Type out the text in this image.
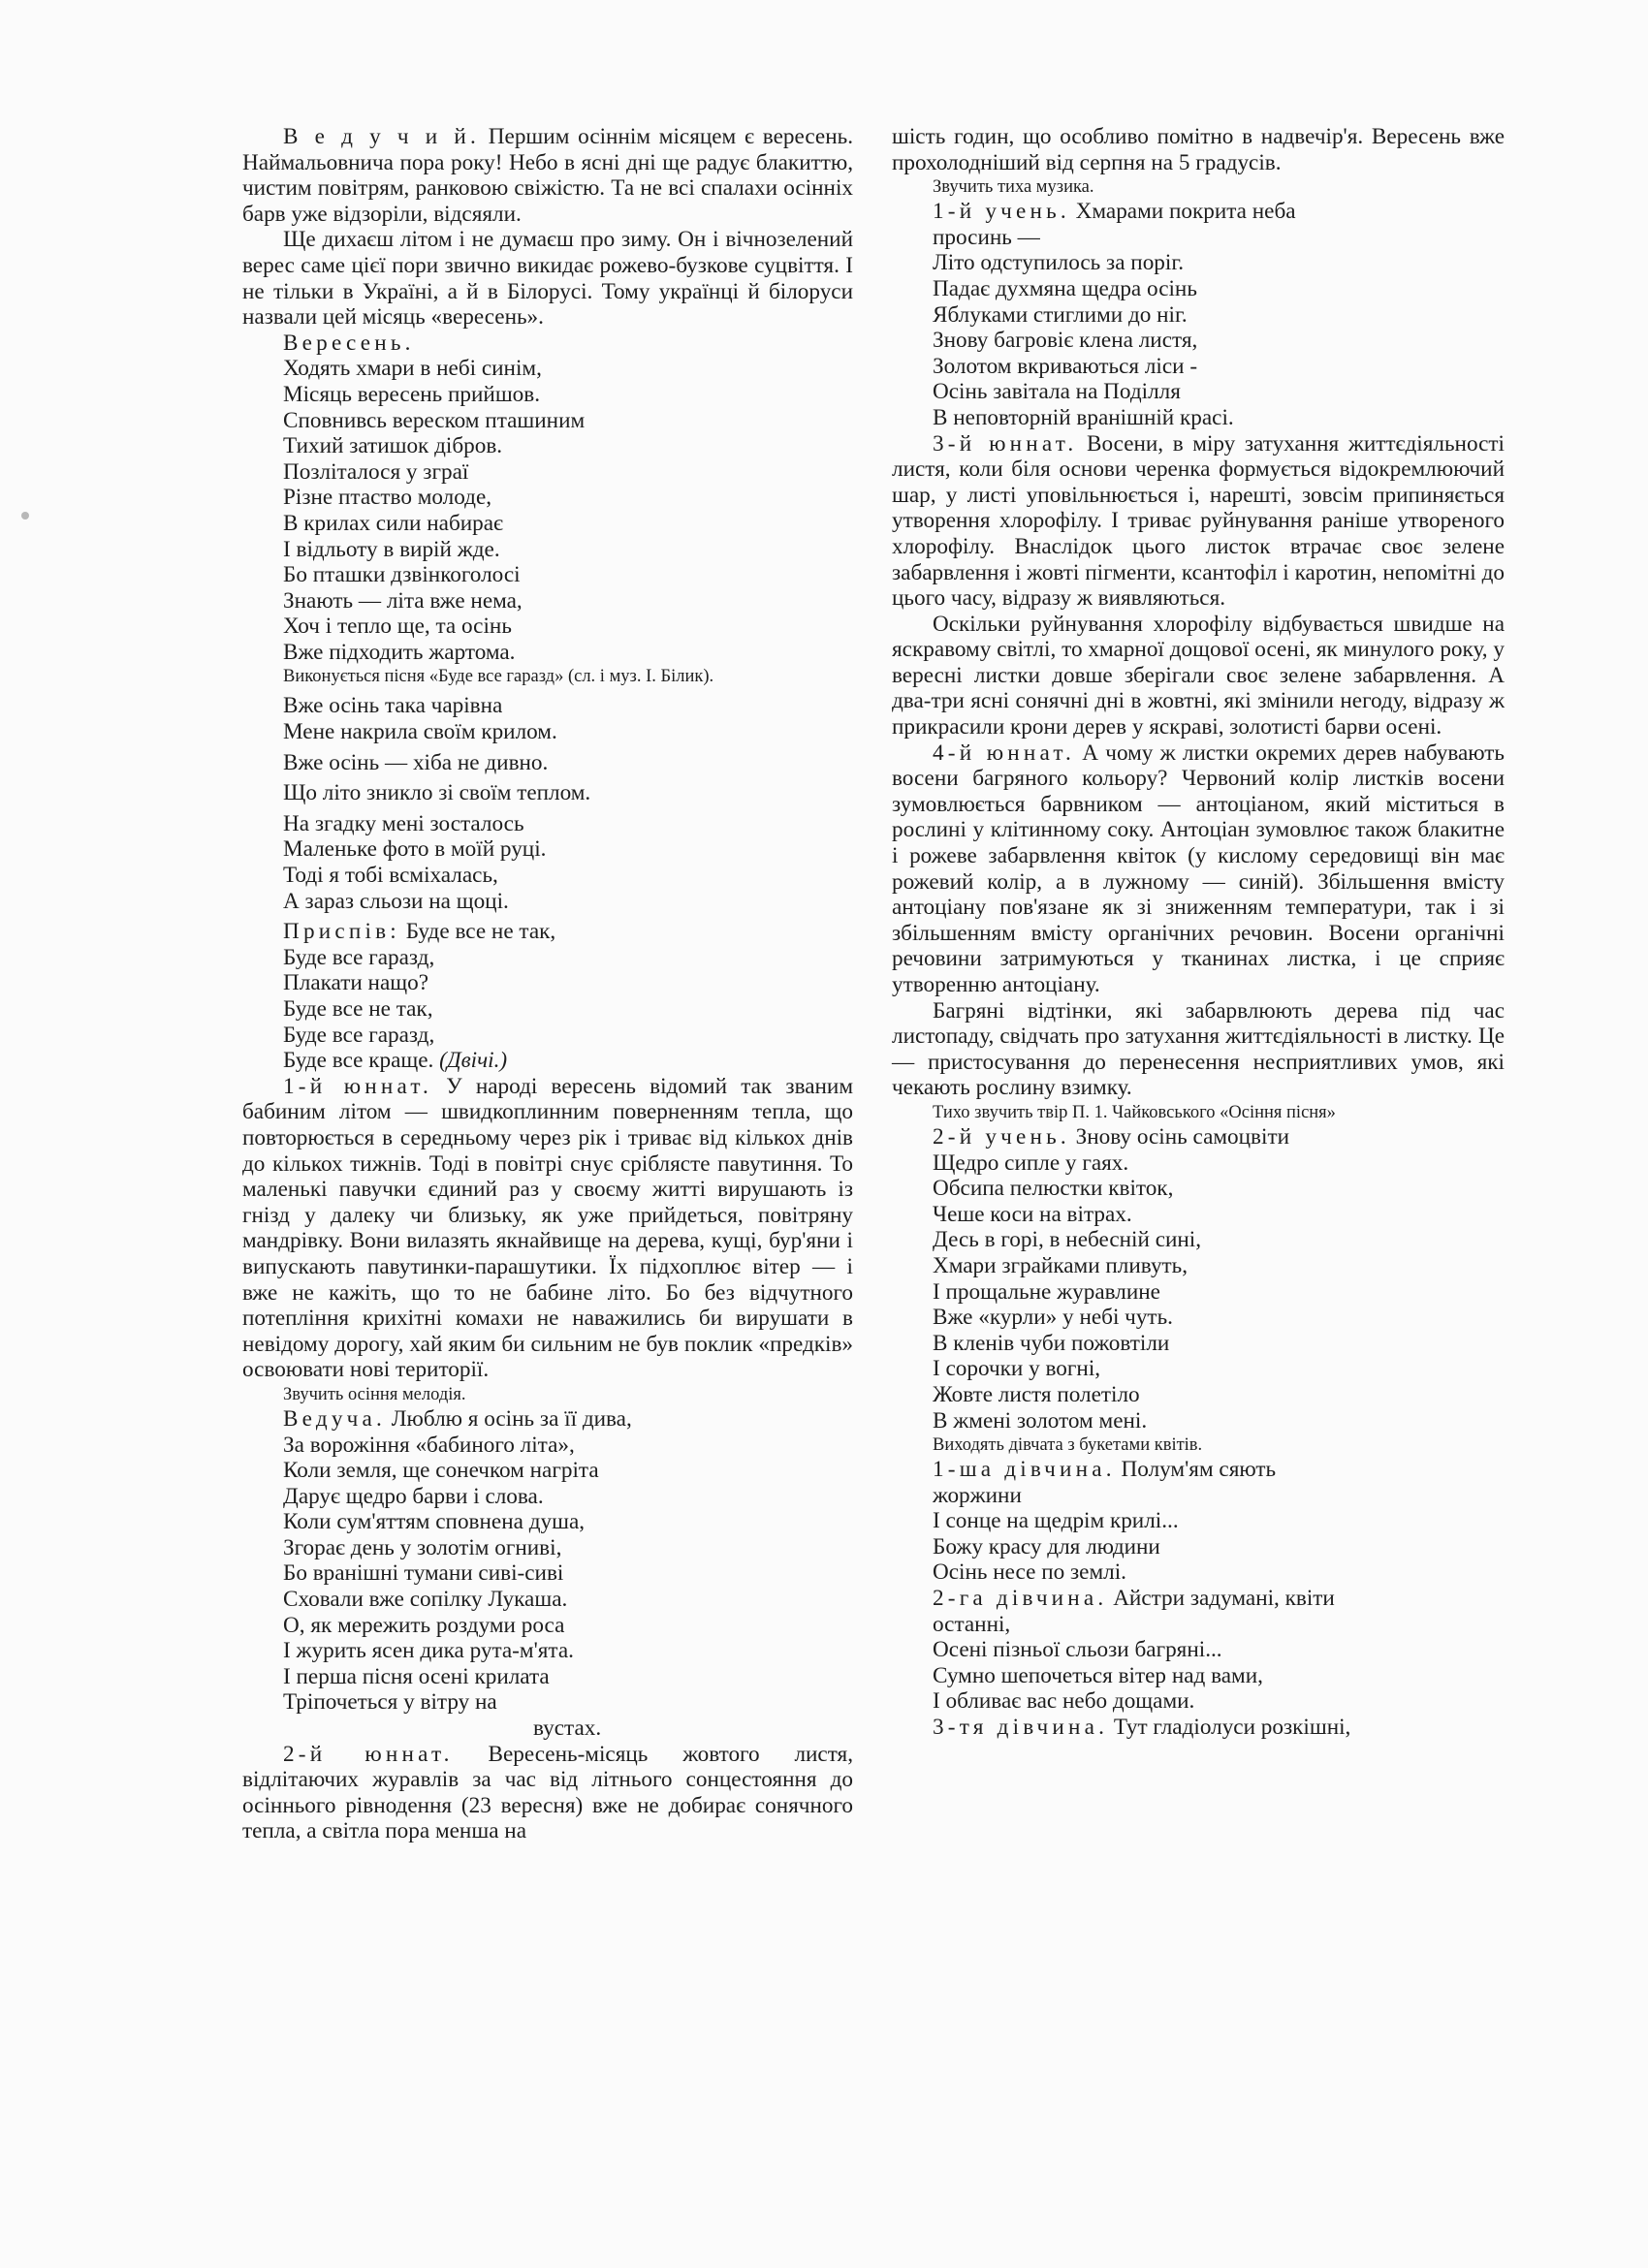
В е д у ч и й. Першим осіннім місяцем є вересень. Наймальовнича пора року! Небо в ясні дні ще радує блакиттю, чистим повітрям, ранковою свіжістю. Та не всі спалахи осінніх барв уже відзоріли, відсяяли.

Ще дихаєш літом і не думаєш про зиму. Он і вічнозелений верес саме цієї пори звично викидає рожево-бузкове суцвіття. І не тільки в Україні, а й в Білорусі. Тому українці й білоруси назвали цей місяць «вересень».

Вересень.
Ходять хмари в небі синім,
Місяць вересень прийшов.
Сповнивсь вереском пташиним
Тихий затишок дібров.
Позліталося у зграї
Різне птаство молоде,
В крилах сили набирає
І відльоту в вирій жде.
Бо пташки дзвінкоголосі
Знають — літа вже нема,
Хоч і тепло ще, та осінь
Вже підходить жартома.

Виконується пісня «Буде все гаразд» (сл. і муз. І. Білик).

Вже осінь така чарівна
Мене накрила своїм крилом.
Вже осінь — хіба не дивно.
Що літо зникло зі своїм теплом.
На згадку мені зосталось
Маленьке фото в моїй руці.
Тоді я тобі всміхалась,
А зараз сльози на щоці.
Приспів: Буде все не так,
Буде все гаразд,
Плакати нащо?
Буде все не так,
Буде все гаразд,
Буде все краще. (Двічі.)

1-й юннат. У народі вересень відомий так званим бабиним літом — швидкоплинним поверненням тепла, що повторюється в середньому через рік і триває від кількох днів до кількох тижнів. Тоді в повітрі снує сріблясте павутиння. То маленькі павучки єдиний раз у своєму житті вирушають із гнізд у далеку чи близьку, як уже прийдеться, повітряну мандрівку. Вони вилазять якнайвище на дерева, кущі, бур'яни і випускають павутинки-парашутики. Їх підхоплює вітер — і вже не кажіть, що то не бабине літо. Бо без відчутного потепління крихітні комахи не наважились би вирушати в невідому дорогу, хай яким би сильним не був поклик «предків» освоювати нові території.

Звучить осіння мелодія.

Ведуча. Люблю я осінь за її дива,
За ворожіння «бабиного літа»,
Коли земля, ще сонечком нагріта
Дарує щедро барви і слова.
Коли сум'яттям сповнена душа,
Згорає день у золотім огниві,
Бо вранішні тумани сиві-сиві
Сховали вже сопілку Лукаша.
О, як мережить роздуми роса
І журить ясен дика рута-м'ята.
І перша пісня осені крилата
Тріпочеться у вітру на
вустах.

2-й юннат. Вересень-місяць жовтого листя, відлітаючих журавлів за час від літнього сонцестояння до осіннього рівнодення (23 вересня) вже не добирає сонячного тепла, а світла пора менша на

шість годин, що особливо помітно в надвечір'я. Вересень вже прохолодніший від серпня на 5 градусів.

Звучить тиха музика.

1-й учень. Хмарами покрита неба
просинь —
Літо одступилось за поріг.
Падає духмяна щедра осінь
Яблуками стиглими до ніг.
Знову багровіє клена листя,
Золотом вкриваються ліси -
Осінь завітала на Поділля
В неповторній вранішній красі.

3-й юннат. Восени, в міру затухання життєдіяльності листя, коли біля основи черенка формується відокремлюючий шар, у листі уповільнюється і, нарешті, зовсім припиняється утворення хлорофілу. І триває руйнування раніше утвореного хлорофілу. Внаслідок цього листок втрачає своє зелене забарвлення і жовті пігменти, ксантофіл і каротин, непомітні до цього часу, відразу ж виявляються.

Оскільки руйнування хлорофілу відбувається швидше на яскравому світлі, то хмарної дощової осені, як минулого року, у вересні листки довше зберігали своє зелене забарвлення. А два-три ясні сонячні дні в жовтні, які змінили негоду, відразу ж прикрасили крони дерев у яскраві, золотисті барви осені.

4-й юннат. А чому ж листки окремих дерев набувають восени багряного кольору? Червоний колір листків восени зумовлюється барвником — антоціаном, який міститься в рослині у клітинному соку. Антоціан зумовлює також блакитне і рожеве забарвлення квіток (у кислому середовищі він має рожевий колір, а в лужному — синій). Збільшення вмісту антоціану пов'язане як зі зниженням температури, так і зі збільшенням вмісту органічних речовин. Восени органічні речовини затримуються у тканинах листка, і це сприяє утворенню антоціану.

Багряні відтінки, які забарвлюють дерева під час листопаду, свідчать про затухання життєдіяльності в листку. Це — пристосування до перенесення несприятливих умов, які чекають рослину взимку.

Тихо звучить твір П. 1. Чайковського «Осіння пісня»

2-й учень. Знову осінь самоцвіти
Щедро сипле у гаях.
Обсипа пелюстки квіток,
Чеше коси на вітрах.
Десь в горі, в небесній сині,
Хмари зграйками пливуть,
І прощальне журавлине
Вже «курли» у небі чуть.
В кленів чуби пожовтіли
І сорочки у вогні,
Жовте листя полетіло
В жмені золотом мені.

Виходять дівчата з букетами квітів.

1-ша дівчина. Полум'ям сяють
жоржини
І сонце на щедрім крилі...
Божу красу для людини
Осінь несе по землі.
2-га дівчина. Айстри задумані, квіти
останні,
Осені пізньої сльози багряні...
Сумно шепочеться вітер над вами,
І обливає вас небо дощами.
3-тя дівчина. Тут гладіолуси розкішні,
